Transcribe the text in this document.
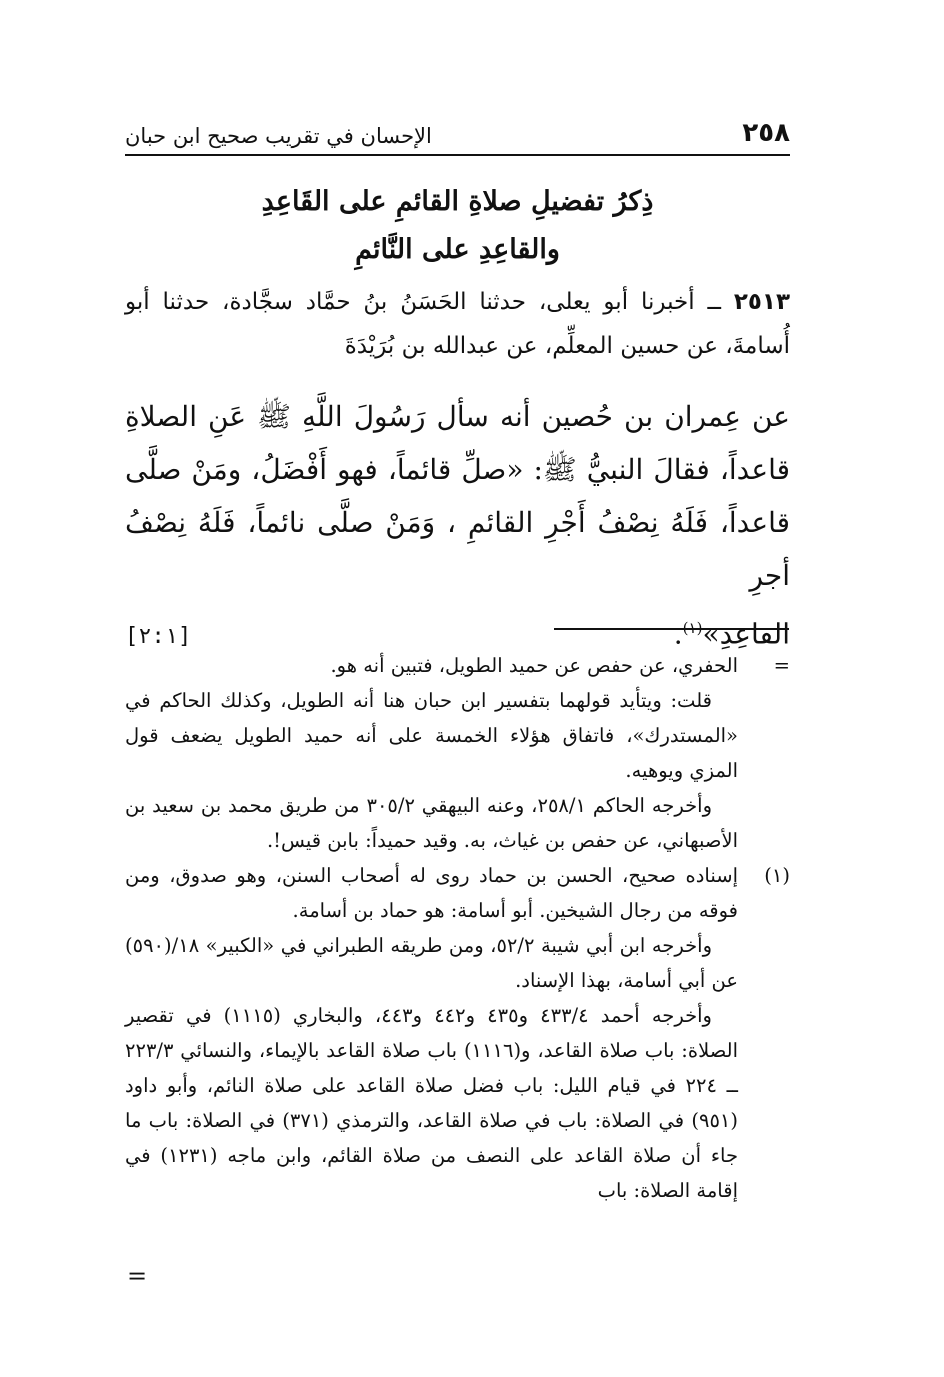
٢٥٨
الإحسان في تقريب صحيح ابن حبان
ذِكرُ تفضيلِ صلاةِ القائمِ على القَاعِدِ
والقاعِدِ على النَّائمِ
٢٥١٣ ــ أخبرنا أبو يعلى، حدثنا الحَسَنُ بنُ حمَّاد سجَّادة، حدثنا أبو أُسامةَ، عن حسين المعلِّم، عن عبدالله بن بُرَيْدَةَ
عن عِمران بن حُصين أنه سأل رَسُولَ اللَّهِ ﷺ عَنِ الصلاةِ
قاعداً، فقالَ النبيُّ ﷺ: «صلِّ قائماً، فهو أَفْضَلُ، ومَنْ صلَّى
قاعداً، فَلَهُ نِصْفُ أَجْرِ القائمِ ، وَمَنْ صلَّى نائماً، فَلَهُ نِصْفُ أجرِ
القاعِدِ»$^{(١)}$.
[٢:١]
=

الحفري، عن حفص عن حميد الطويل، فتبين أنه هو.

قلت: ويتأيد قولهما بتفسير ابن حبان هنا أنه الطويل، وكذلك الحاكم في «المستدرك»، فاتفاق هؤلاء الخمسة على أنه حميد الطويل يضعف قول المزي ويوهيه.

وأخرجه الحاكم ٢٥٨/١، وعنه البيهقي ٣٠٥/٢ من طريق محمد بن سعيد بن الأصبهاني، عن حفص بن غياث، به. وقيد حميداً: بابن قيس!.

(١)

إسناده صحيح، الحسن بن حماد روى له أصحاب السنن، وهو صدوق، ومن فوقه من رجال الشيخين. أبو أسامة: هو حماد بن أسامة.

وأخرجه ابن أبي شيبة ٥٢/٢، ومن طريقه الطبراني في «الكبير» ١٨/(٥٩٠) عن أبي أسامة، بهذا الإسناد.

وأخرجه أحمد ٤٣٣/٤ و٤٣٥ و٤٤٢ و٤٤٣، والبخاري (١١١٥) في تقصير الصلاة: باب صلاة القاعد، و(١١١٦) باب صلاة القاعد بالإيماء، والنسائي ٢٢٣/٣ ــ ٢٢٤ في قيام الليل: باب فضل صلاة القاعد على صلاة النائم، وأبو داود (٩٥١) في الصلاة: باب في صلاة القاعد، والترمذي (٣٧١) في الصلاة: باب ما جاء أن صلاة القاعد على النصف من صلاة القائم، وابن ماجه (١٢٣١) في إقامة الصلاة: باب

=
